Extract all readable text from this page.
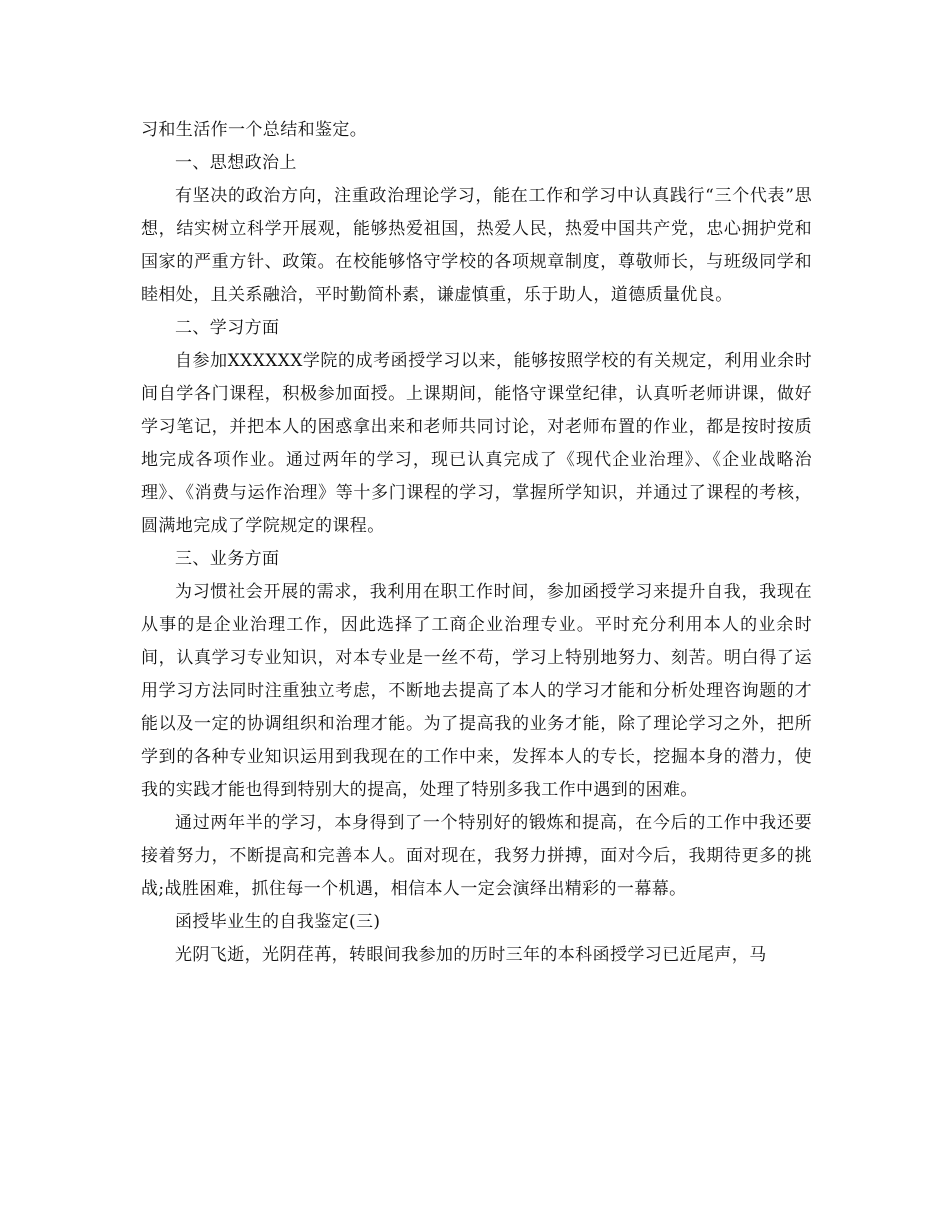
习和生活作一个总结和鉴定。

一、思想政治上

有坚决的政治方向，注重政治理论学习，能在工作和学习中认真践行“三个代表”思想，结实树立科学开展观，能够热爱祖国，热爱人民，热爱中国共产党，忠心拥护党和国家的严重方针、政策。在校能够恪守学校的各项规章制度，尊敬师长，与班级同学和睦相处，且关系融洽，平时勤简朴素，谦虚慎重，乐于助人，道德质量优良。

二、学习方面

自参加XXXXXX学院的成考函授学习以来，能够按照学校的有关规定，利用业余时间自学各门课程，积极参加面授。上课期间，能恪守课堂纪律，认真听老师讲课，做好学习笔记，并把本人的困惑拿出来和老师共同讨论，对老师布置的作业，都是按时按质地完成各项作业。通过两年的学习，现已认真完成了《现代企业治理》、《企业战略治理》、《消费与运作治理》等十多门课程的学习，掌握所学知识，并通过了课程的考核，圆满地完成了学院规定的课程。

三、业务方面

为习惯社会开展的需求，我利用在职工作时间，参加函授学习来提升自我，我现在从事的是企业治理工作，因此选择了工商企业治理专业。平时充分利用本人的业余时间，认真学习专业知识，对本专业是一丝不苟，学习上特别地努力、刻苦。明白得了运用学习方法同时注重独立考虑，不断地去提高了本人的学习才能和分析处理咨询题的才能以及一定的协调组织和治理才能。为了提高我的业务才能，除了理论学习之外，把所学到的各种专业知识运用到我现在的工作中来，发挥本人的专长，挖掘本身的潜力，使我的实践才能也得到特别大的提高，处理了特别多我工作中遇到的困难。

通过两年半的学习，本身得到了一个特别好的锻炼和提高，在今后的工作中我还要接着努力，不断提高和完善本人。面对现在，我努力拼搏，面对今后，我期待更多的挑战;战胜困难，抓住每一个机遇，相信本人一定会演绎出精彩的一幕幕。

函授毕业生的自我鉴定(三)

光阴飞逝，光阴荏苒，转眼间我参加的历时三年的本科函授学习已近尾声，马
